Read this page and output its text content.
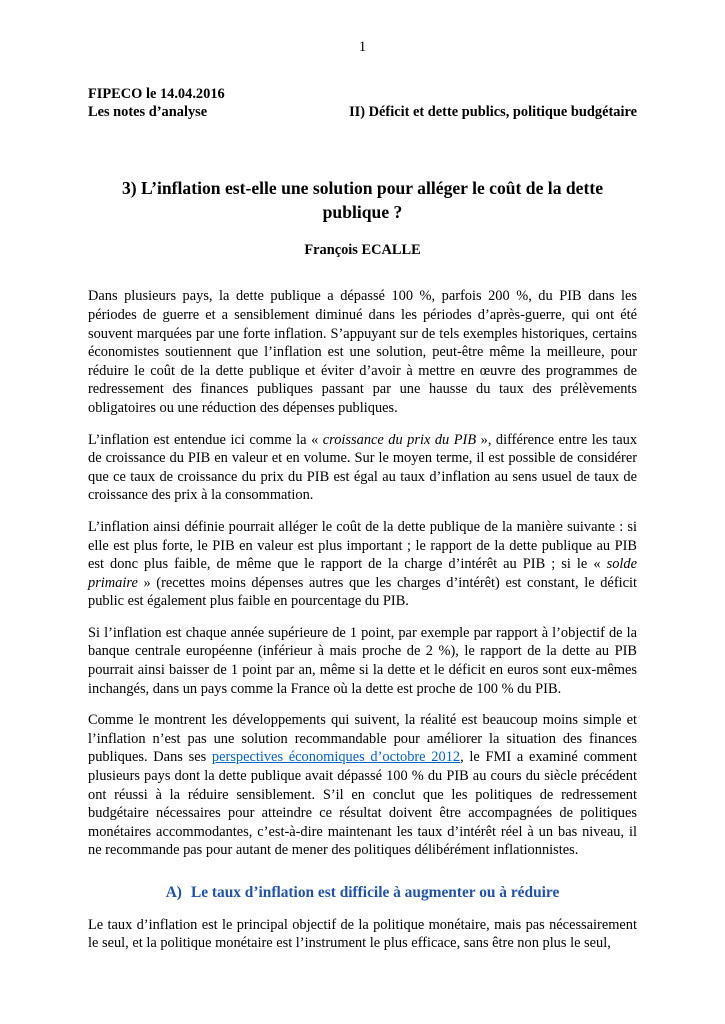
1
FIPECO le 14.04.2016
Les notes d’analyse	II) Déficit et dette publics, politique budgétaire
3) L’inflation est-elle une solution pour alléger le coût de la dette publique ?
François ECALLE

Dans plusieurs pays, la dette publique a dépassé 100 %, parfois 200 %, du PIB dans les périodes de guerre et a sensiblement diminué dans les périodes d’après-guerre, qui ont été souvent marquées par une forte inflation. S’appuyant sur de tels exemples historiques, certains économistes soutiennent que l’inflation est une solution, peut-être même la meilleure, pour réduire le coût de la dette publique et éviter d’avoir à mettre en œuvre des programmes de redressement des finances publiques passant par une hausse du taux des prélèvements obligatoires ou une réduction des dépenses publiques.

L’inflation est entendue ici comme la « croissance du prix du PIB », différence entre les taux de croissance du PIB en valeur et en volume. Sur le moyen terme, il est possible de considérer que ce taux de croissance du prix du PIB est égal au taux d’inflation au sens usuel de taux de croissance des prix à la consommation.

L’inflation ainsi définie pourrait alléger le coût de la dette publique de la manière suivante : si elle est plus forte, le PIB en valeur est plus important ; le rapport de la dette publique au PIB est donc plus faible, de même que le rapport de la charge d’intérêt au PIB ; si le « solde primaire » (recettes moins dépenses autres que les charges d’intérêt) est constant, le déficit public est également plus faible en pourcentage du PIB.

Si l’inflation est chaque année supérieure de 1 point, par exemple par rapport à l’objectif de la banque centrale européenne (inférieur à mais proche de 2 %), le rapport de la dette au PIB pourrait ainsi baisser de 1 point par an, même si la dette et le déficit en euros sont eux-mêmes inchangés, dans un pays comme la France où la dette est proche de 100 % du PIB.

Comme le montrent les développements qui suivent, la réalité est beaucoup moins simple et l’inflation n’est pas une solution recommandable pour améliorer la situation des finances publiques. Dans ses perspectives économiques d’octobre 2012, le FMI a examiné comment plusieurs pays dont la dette publique avait dépassé 100 % du PIB au cours du siècle précédent ont réussi à la réduire sensiblement. S’il en conclut que les politiques de redressement budgétaire nécessaires pour atteindre ce résultat doivent être accompagnées de politiques monétaires accommodantes, c’est-à-dire maintenant les taux d’intérêt réel à un bas niveau, il ne recommande pas pour autant de mener des politiques délibérément inflationnistes.

A) Le taux d’inflation est difficile à augmenter ou à réduire

Le taux d’inflation est le principal objectif de la politique monétaire, mais pas nécessairement le seul, et la politique monétaire est l’instrument le plus efficace, sans être non plus le seul,
